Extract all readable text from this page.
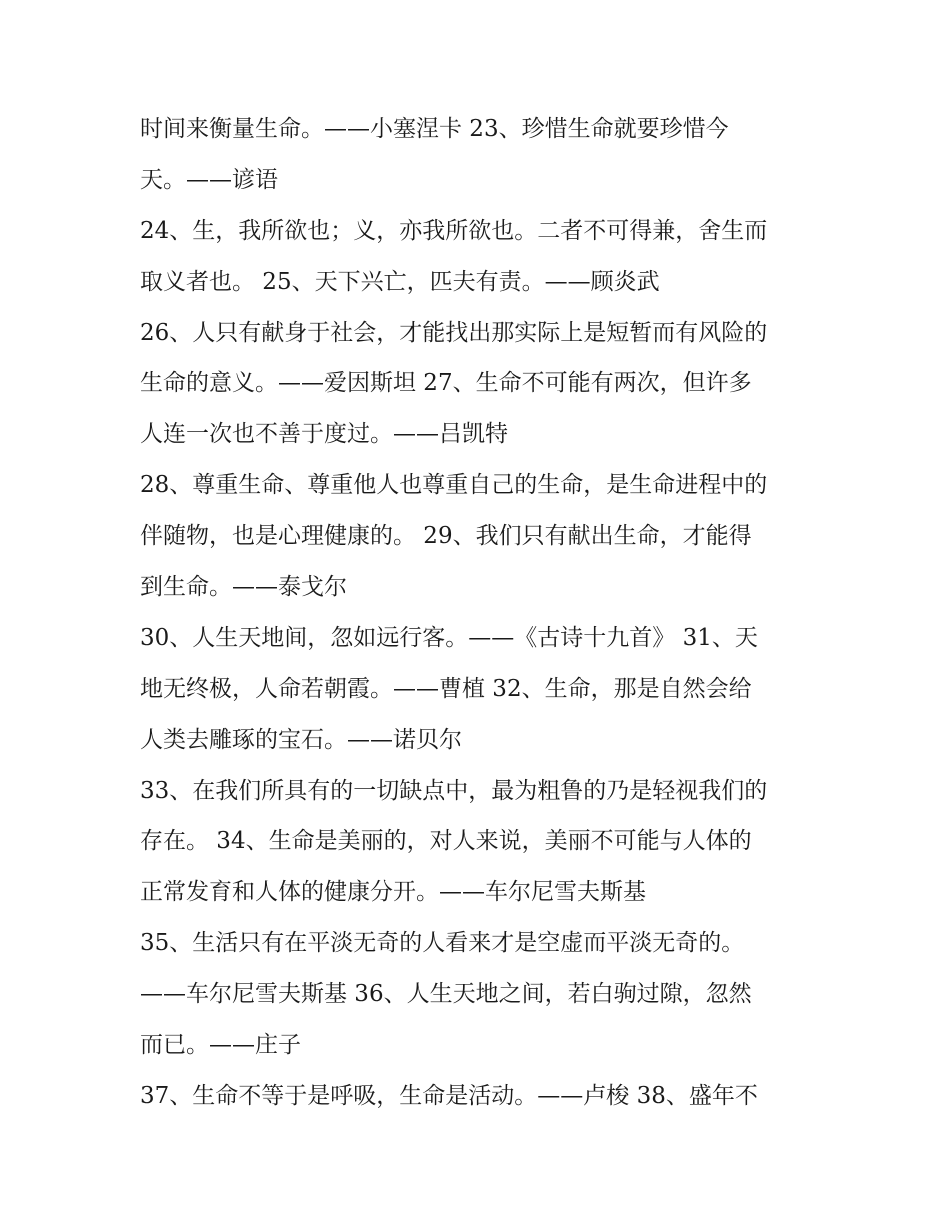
时间来衡量生命。——小塞涅卡 23、珍惜生命就要珍惜今
天。——谚语
24、生，我所欲也；义，亦我所欲也。二者不可得兼，舍生而
取义者也。 25、天下兴亡，匹夫有责。——顾炎武
26、人只有献身于社会，才能找出那实际上是短暂而有风险的
生命的意义。——爱因斯坦 27、生命不可能有两次，但许多
人连一次也不善于度过。——吕凯特
28、尊重生命、尊重他人也尊重自己的生命，是生命进程中的
伴随物，也是心理健康的。 29、我们只有献出生命，才能得
到生命。——泰戈尔
30、人生天地间，忽如远行客。——《古诗十九首》 31、天
地无终极，人命若朝霞。——曹植 32、生命，那是自然会给
人类去雕琢的宝石。——诺贝尔
33、在我们所具有的一切缺点中，最为粗鲁的乃是轻视我们的
存在。 34、生命是美丽的，对人来说，美丽不可能与人体的
正常发育和人体的健康分开。——车尔尼雪夫斯基
35、生活只有在平淡无奇的人看来才是空虚而平淡无奇的。
——车尔尼雪夫斯基 36、人生天地之间，若白驹过隙，忽然
而已。——庄子
37、生命不等于是呼吸，生命是活动。——卢梭 38、盛年不
